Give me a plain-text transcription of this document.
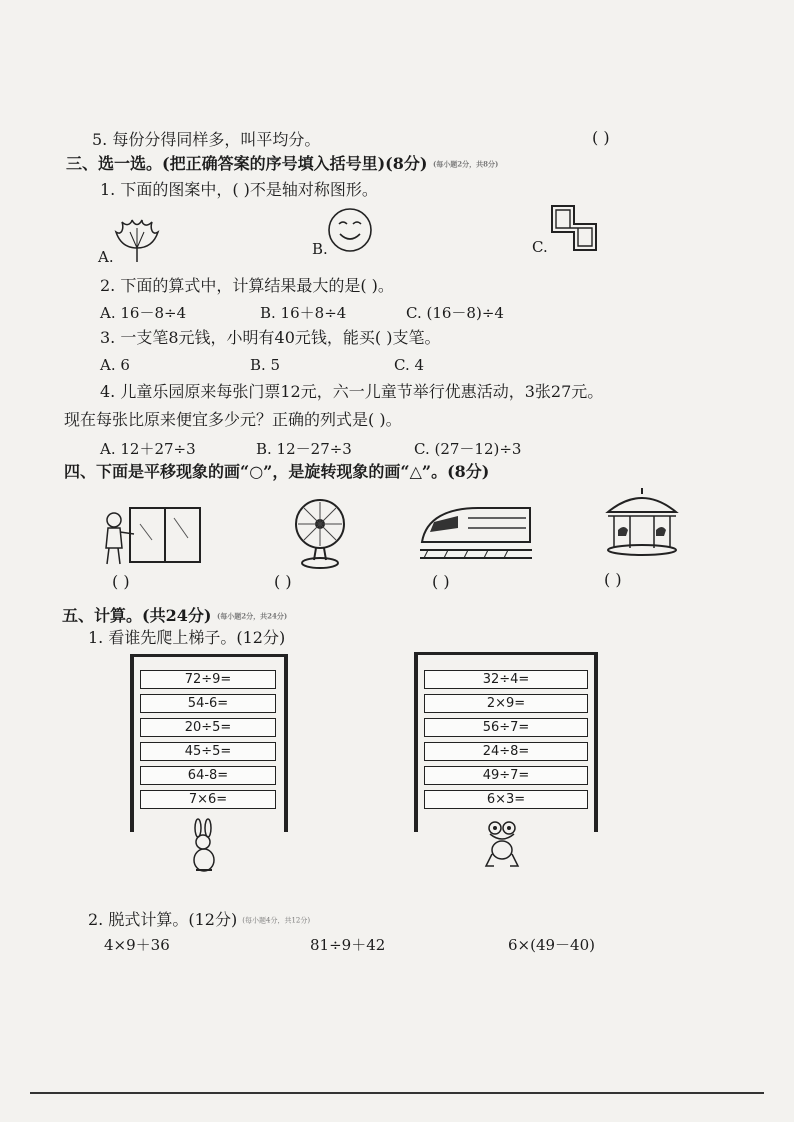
5. 每份分得同样多，叫平均分。	( )
三、选一选。(把正确答案的序号填入括号里)(8分) (每小题2分，共8分)
1. 下面的图案中，( )不是轴对称图形。
A.	B.	C.
2. 下面的算式中，计算结果最大的是( )。
A. 16－8÷4	B. 16＋8÷4	C. (16－8)÷4
3. 一支笔8元钱，小明有40元钱，能买( )支笔。
A. 6	B. 5	C. 4
4. 儿童乐园原来每张门票12元，六一儿童节举行优惠活动，3张27元。
现在每张比原来便宜多少元？正确的列式是( )。
A. 12＋27÷3	B. 12－27÷3	C. (27－12)÷3
四、下面是平移现象的画“○”，是旋转现象的画“△”。(8分)
( )	( )	( )	( )
五、计算。(共24分) (每小题2分，共24分)
1. 看谁先爬上梯子。(12分)
72÷9=
54-6=
20÷5=
45÷5=
64-8=
7×6=
32÷4=
2×9=
56÷7=
24÷8=
49÷7=
6×3=
2. 脱式计算。(12分) (每小题4分，共12分)
4×9＋36	81÷9＋42	6×(49－40)
